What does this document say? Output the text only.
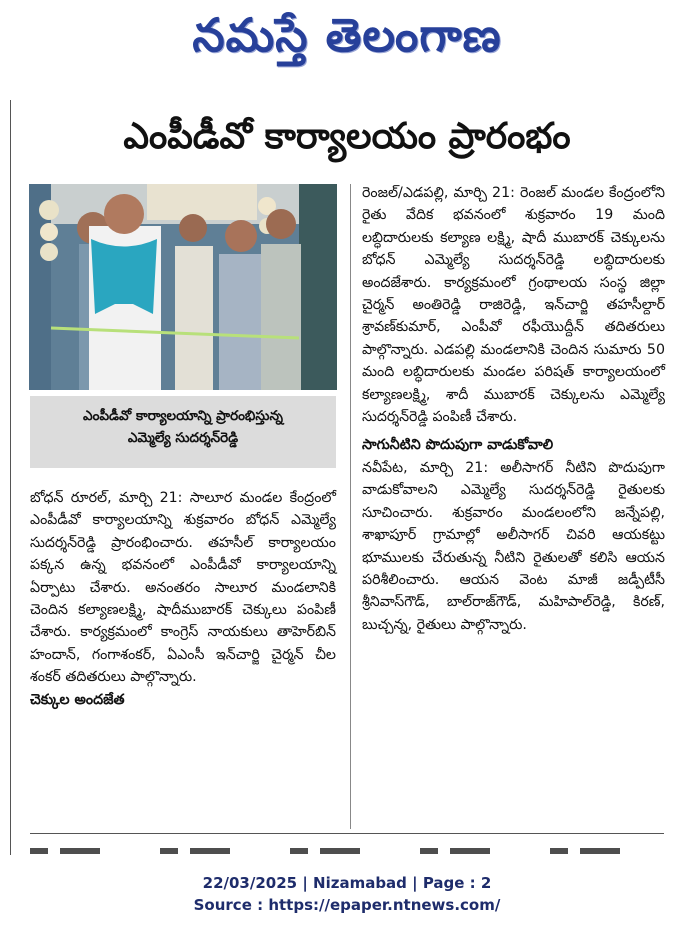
నమస్తే తెలంగాణ
ఎంపీడీవో కార్యాలయం ప్రారంభం
ఎంపీడీవో కార్యాలయాన్ని ప్రారంభిస్తున్న
ఎమ్మెల్యే సుదర్శన్‌రెడ్డి

బోధన్ రూరల్, మార్చి 21: సాలూర మండల కేంద్రంలో ఎంపీడీవో కార్యాలయాన్ని శుక్రవారం బోధన్ ఎమ్మెల్యే సుదర్శన్‌రెడ్డి ప్రారంభించారు. తహసీల్ కార్యాలయం పక్కన ఉన్న భవనంలో ఎంపీడీవో కార్యాలయాన్ని ఏర్పాటు చేశారు. అనంతరం సాలూర మండలానికి చెందిన కల్యాణలక్ష్మి, షాదీముబారక్ చెక్కులు పంపిణీ చేశారు. కార్యక్రమంలో కాంగ్రెస్ నాయకులు తాహెర్‌బిన్ హందాన్, గంగాశంకర్, ఏఎంసీ ఇన్‌చార్జి చైర్మన్ చీల శంకర్ తదితరులు పాల్గొన్నారు.

చెక్కుల అందజేత

రెంజల్/ఎడపల్లి, మార్చి 21: రెంజల్ మండల కేంద్రంలోని రైతు వేదిక భవనంలో శుక్రవారం 19 మంది లబ్ధిదారులకు కల్యాణ లక్ష్మి, షాదీ ముబారక్ చెక్కులను బోధన్ ఎమ్మెల్యే సుదర్శన్‌రెడ్డి లబ్ధిదారులకు అందజేశారు. కార్యక్రమంలో గ్రంథాలయ సంస్థ జిల్లా చైర్మన్ అంతిరెడ్డి రాజిరెడ్డి, ఇన్‌చార్జి తహసీల్దార్ శ్రావణ్‌కుమార్, ఎంపీవో రఫీయొద్దీన్ తదితరులు పాల్గొన్నారు. ఎడపల్లి మండలానికి చెందిన సుమారు 50 మంది లబ్ధిదారులకు మండల పరిషత్ కార్యాలయంలో కల్యాణలక్ష్మి, శాదీ ముబారక్ చెక్కులను ఎమ్మెల్యే సుదర్శన్‌రెడ్డి పంపిణీ చేశారు.

సాగునీటిని పొదుపుగా వాడుకోవాలి

నవీపేట, మార్చి 21: అలీసాగర్ నీటిని పొదుపుగా వాడుకోవాలని ఎమ్మెల్యే సుదర్శన్‌రెడ్డి రైతులకు సూచించారు. శుక్రవారం మండలంలోని జన్నేపల్లి, శాఖాపూర్ గ్రామాల్లో అలీసాగర్ చివరి ఆయకట్టు భూములకు చేరుతున్న నీటిని రైతులతో కలిసి ఆయన పరిశీలించారు. ఆయన వెంట మాజీ జడ్పీటీసీ శ్రీనివాస్‌గౌడ్, బాల్‌రాజ్‌గౌడ్, మహిపాల్‌రెడ్డి, కిరణ్, బుచ్చన్న, రైతులు పాల్గొన్నారు.

22/03/2025 | Nizamabad | Page : 2
Source : https://epaper.ntnews.com/
